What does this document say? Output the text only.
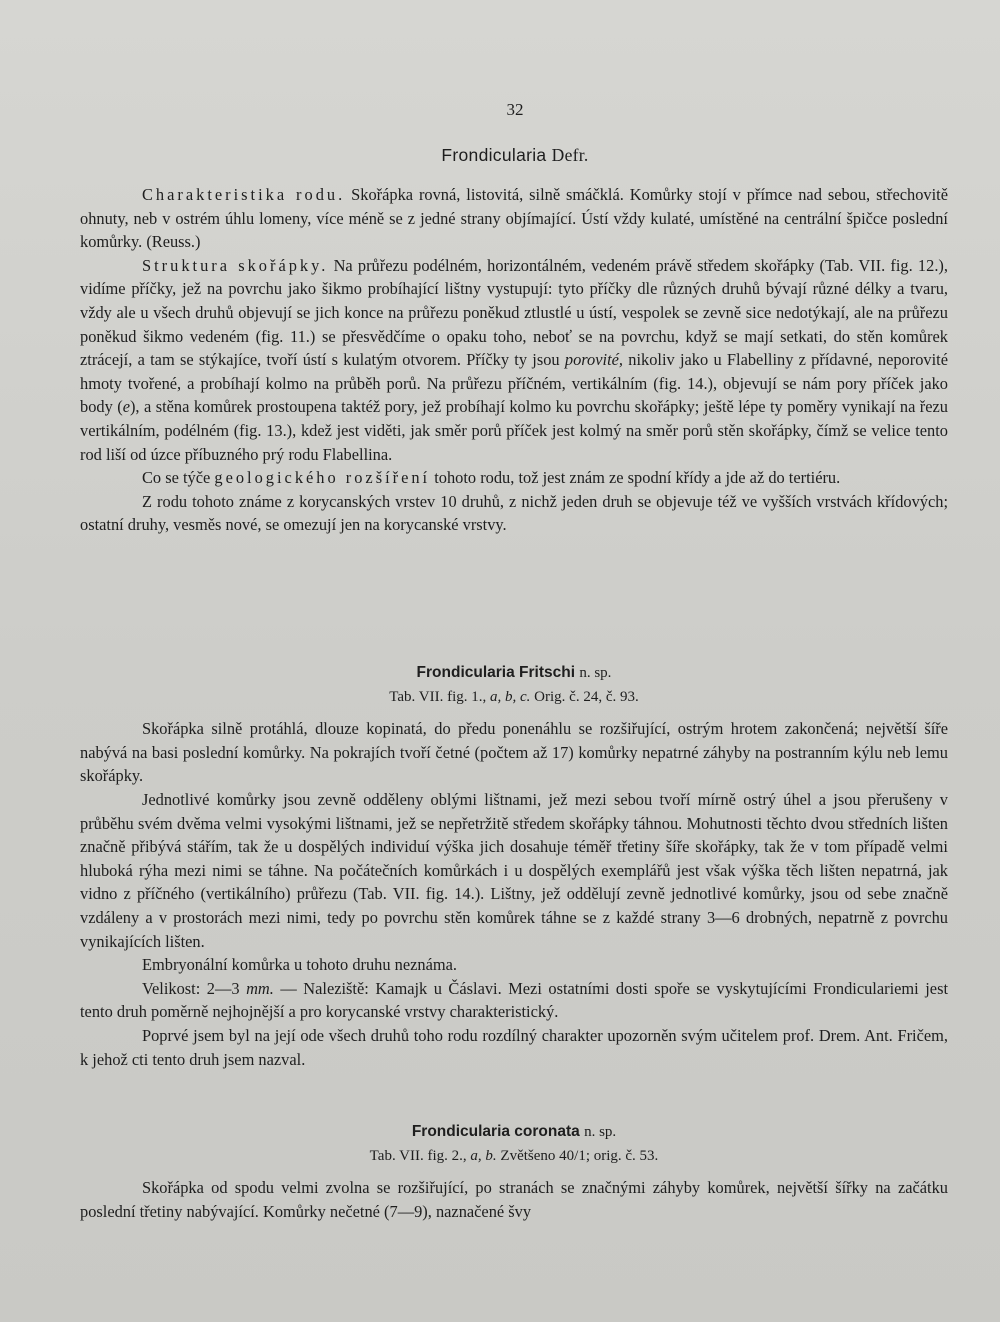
32
Frondicularia Defr.

Charakteristika rodu. Skořápka rovná, listovitá, silně smáčklá. Komůrky stojí v přímce nad sebou, střechovitě ohnuty, neb v ostrém úhlu lomeny, více méně se z jedné strany objímající. Ústí vždy kulaté, umístěné na centrální špičce poslední komůrky. (Reuss.)

Struktura skořápky. Na průřezu podélném, horizontálném, vedeném právě středem skořápky (Tab. VII. fig. 12.), vidíme příčky, jež na povrchu jako šikmo probíhající lištny vystupují: tyto příčky dle různých druhů bývají různé délky a tvaru, vždy ale u všech druhů objevují se jich konce na průřezu poněkud ztlustlé u ústí, vespolek se zevně sice nedotýkají, ale na průřezu poněkud šikmo vedeném (fig. 11.) se přesvědčíme o opaku toho, neboť se na povrchu, když se mají setkati, do stěn komůrek ztrácejí, a tam se stýkajíce, tvoří ústí s kulatým otvorem. Příčky ty jsou porovité, nikoliv jako u Flabelliny z přídavné, neporovité hmoty tvořené, a probíhají kolmo na průběh porů. Na průřezu příčném, vertikálním (fig. 14.), objevují se nám pory příček jako body (e), a stěna komůrek prostoupena taktéž pory, jež probíhají kolmo ku povrchu skořápky; ještě lépe ty poměry vynikají na řezu vertikálním, podélném (fig. 13.), kdež jest viděti, jak směr porů příček jest kolmý na směr porů stěn skořápky, čímž se velice tento rod liší od úzce příbuzného prý rodu Flabellina.

Co se týče geologického rozšíření tohoto rodu, tož jest znám ze spodní křídy a jde až do tertiéru.

Z rodu tohoto známe z korycanských vrstev 10 druhů, z nichž jeden druh se objevuje též ve vyšších vrstvách křídových; ostatní druhy, vesměs nové, se omezují jen na korycanské vrstvy.

Frondicularia Fritschi n. sp.

Tab. VII. fig. 1., a, b, c. Orig. č. 24, č. 93.

Skořápka silně protáhlá, dlouze kopinatá, do předu ponenáhlu se rozšiřující, ostrým hrotem zakončená; největší šíře nabývá na basi poslední komůrky. Na pokrajích tvoří četné (počtem až 17) komůrky nepatrné záhyby na postranním kýlu neb lemu skořápky.

Jednotlivé komůrky jsou zevně odděleny oblými lištnami, jež mezi sebou tvoří mírně ostrý úhel a jsou přerušeny v průběhu svém dvěma velmi vysokými lištnami, jež se nepřetržitě středem skořápky táhnou. Mohutnosti těchto dvou středních lišten značně přibývá stářím, tak že u dospělých individuí výška jich dosahuje téměř třetiny šíře skořápky, tak že v tom případě velmi hluboká rýha mezi nimi se táhne. Na počátečních komůrkách i u dospělých exemplářů jest však výška těch lišten nepatrná, jak vidno z příčného (vertikálního) průřezu (Tab. VII. fig. 14.). Lištny, jež oddělují zevně jednotlivé komůrky, jsou od sebe značně vzdáleny a v prostorách mezi nimi, tedy po povrchu stěn komůrek táhne se z každé strany 3—6 drobných, nepatrně z povrchu vynikajících lišten.

Embryonální komůrka u tohoto druhu neznáma.

Velikost: 2—3 mm. — Naleziště: Kamajk u Čáslavi. Mezi ostatními dosti spoře se vyskytujícími Frondiculariemi jest tento druh poměrně nejhojnější a pro korycanské vrstvy charakteristický.

Poprvé jsem byl na její ode všech druhů toho rodu rozdílný charakter upozorněn svým učitelem prof. Drem. Ant. Fričem, k jehož cti tento druh jsem nazval.

Frondicularia coronata n. sp.

Tab. VII. fig. 2., a, b. Zvětšeno 40/1; orig. č. 53.

Skořápka od spodu velmi zvolna se rozšiřující, po stranách se značnými záhyby komůrek, největší šířky na začátku poslední třetiny nabývající. Komůrky nečetné (7—9), naznačené švy
